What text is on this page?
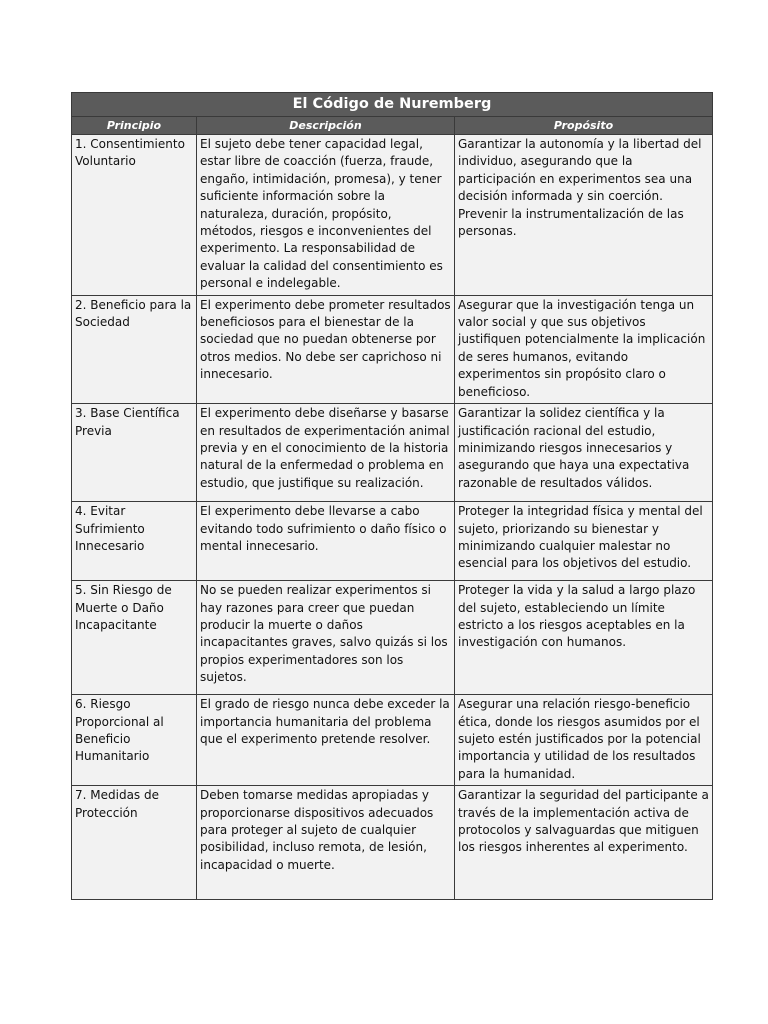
El Código de Nuremberg		
Principio	Descripción	Propósito

1. Consentimiento Voluntario	El sujeto debe tener capacidad legal, estar libre de coacción (fuerza, fraude, engaño, intimidación, promesa), y tener suficiente información sobre la naturaleza, duración, propósito, métodos, riesgos e inconvenientes del experimento. La responsabilidad de evaluar la calidad del consentimiento es personal e indelegable.	Garantizar la autonomía y la libertad del individuo, asegurando que la participación en experimentos sea una decisión informada y sin coerción. Prevenir la instrumentalización de las personas.

2. Beneficio para la Sociedad	El experimento debe prometer resultados beneficiosos para el bienestar de la sociedad que no puedan obtenerse por otros medios. No debe ser caprichoso ni innecesario.	Asegurar que la investigación tenga un valor social y que sus objetivos justifiquen potencialmente la implicación de seres humanos, evitando experimentos sin propósito claro o beneficioso.

3. Base Científica Previa	El experimento debe diseñarse y basarse en resultados de experimentación animal previa y en el conocimiento de la historia natural de la enfermedad o problema en estudio, que justifique su realización.	Garantizar la solidez científica y la justificación racional del estudio, minimizando riesgos innecesarios y asegurando que haya una expectativa razonable de resultados válidos.

4. Evitar Sufrimiento Innecesario	El experimento debe llevarse a cabo evitando todo sufrimiento o daño físico o mental innecesario.	Proteger la integridad física y mental del sujeto, priorizando su bienestar y minimizando cualquier malestar no esencial para los objetivos del estudio.

5. Sin Riesgo de Muerte o Daño Incapacitante	No se pueden realizar experimentos si hay razones para creer que puedan producir la muerte o daños incapacitantes graves, salvo quizás si los propios experimentadores son los sujetos.	Proteger la vida y la salud a largo plazo del sujeto, estableciendo un límite estricto a los riesgos aceptables en la investigación con humanos.

6. Riesgo Proporcional al Beneficio Humanitario	El grado de riesgo nunca debe exceder la importancia humanitaria del problema que el experimento pretende resolver.	Asegurar una relación riesgo-beneficio ética, donde los riesgos asumidos por el sujeto estén justificados por la potencial importancia y utilidad de los resultados para la humanidad.

7. Medidas de Protección	Deben tomarse medidas apropiadas y proporcionarse dispositivos adecuados para proteger al sujeto de cualquier posibilidad, incluso remota, de lesión, incapacidad o muerte.	Garantizar la seguridad del participante a través de la implementación activa de protocolos y salvaguardas que mitiguen los riesgos inherentes al experimento.
